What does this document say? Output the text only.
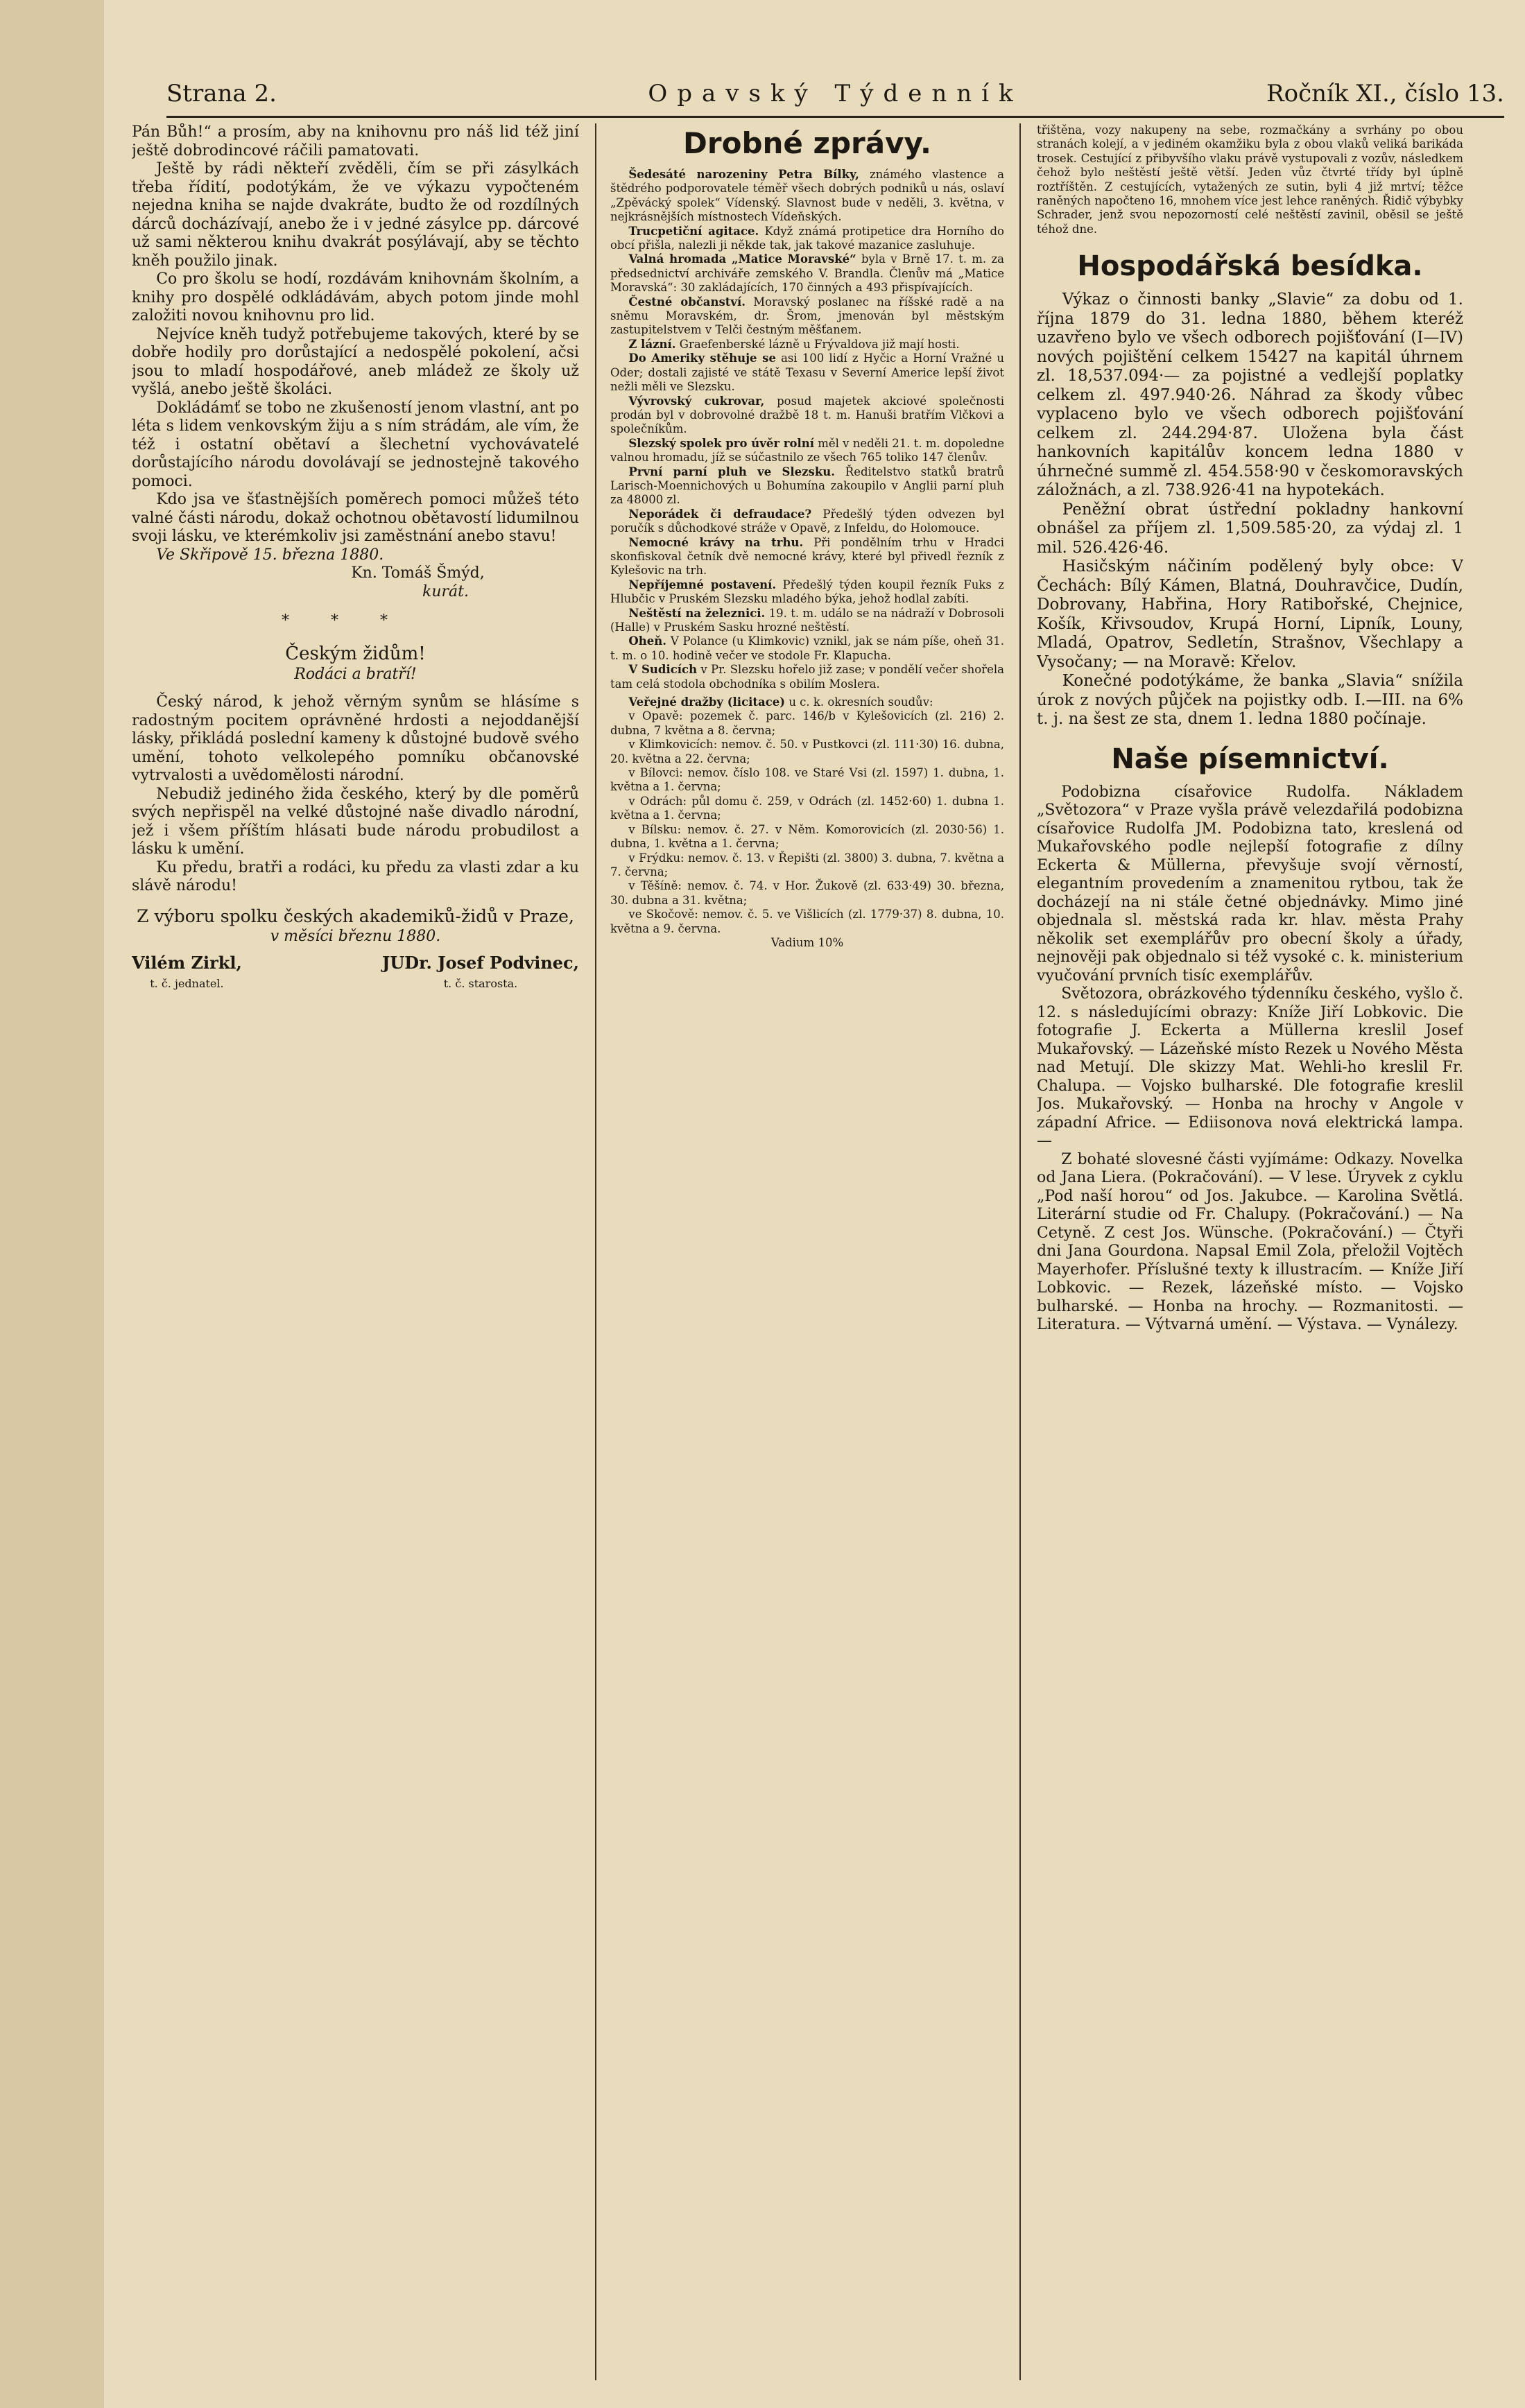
Strana 2.	Opavský Týdenník	Ročník XI., číslo 13.

Pán Bůh!“ a prosím, aby na knihovnu pro náš lid též jiní ještě dobrodincové ráčili pamatovati.

Ještě by rádi někteří zvěděli, čím se při zásylkách třeba řídití, podotýkám, že ve výkazu vypočteném nejedna kniha se najde dvakráte, budto že od rozdílných dárců docházívají, anebo že i v jedné zásylce pp. dárcové už sami některou knihu dvakrát posýlávají, aby se těchto kněh použilo jinak.

Co pro školu se hodí, rozdávám knihovnám školním, a knihy pro dospělé odkládávám, abych potom jinde mohl založiti novou knihovnu pro lid.

Nejvíce kněh tudyž potřebujeme takových, které by se dobře hodily pro dorůstající a nedospělé pokolení, ačsi jsou to mladí hospodářové, aneb mládež ze školy už vyšlá, anebo ještě školáci.

Dokládámť se tobo ne zkušeností jenom vlastní, ant po léta s lidem venkovským žiju a s ním strádám, ale vím, že též i ostatní obětaví a šlechetní vychovávatelé dorůstajícího národu dovolávají se jednostejně takového pomoci.

Kdo jsa ve šťastnějších poměrech pomoci můžeš této valné části národu, dokaž ochotnou obětavostí lidumilnou svoji lásku, ve kterémkoliv jsi zaměstnání anebo stavu!

Ve Skřipově 15. března 1880.

Kn. Tomáš Šmýd,

kurát.

***

Českým židům!

Rodáci a bratří!

Český národ, k jehož věrným synům se hlásíme s radostným pocitem oprávněné hrdosti a nejoddanější lásky, přikládá poslední kameny k důstojné budově svého umění, tohoto velkolepého pomníku občanovské vytrvalosti a uvědomělosti národní.

Nebudiž jediného žida českého, který by dle poměrů svých nepřispěl na velké důstojné naše divadlo národní, jež i všem příštím hlásati bude národu probudilost a lásku k umění.

Ku předu, bratři a rodáci, ku předu za vlasti zdar a ku slávě národu!

Z výboru spolku českých akademiků-židů v Praze,

v měsíci březnu 1880.

Vilém Zirkl,
t. č. jednatel.
JUDr. Josef Podvinec,
t. č. starosta.
Drobné zprávy.

Šedesáté narozeniny Petra Bílky, známého vlastence a štědrého podporovatele téměř všech dobrých podniků u nás, oslaví „Zpěvácký spolek“ Vídenský. Slavnost bude v neděli, 3. května, v nejkrásnějších místnostech Vídeňských.

Trucpetiční agitace. Když známá protipetice dra Horního do obcí přišla, nalezli ji někde tak, jak takové mazanice zasluhuje.

Valná hromada „Matice Moravské“ byla v Brně 17. t. m. za předsednictví archiváře zemského V. Brandla. Členův má „Matice Moravská“: 30 zakládajících, 170 činných a 493 přispívajících.

Čestné občanství. Moravský poslanec na říšské radě a na sněmu Moravském, dr. Šrom, jmenován byl městským zastupitelstvem v Telči čestným měšťanem.

Z lázní. Graefenberské lázně u Frývaldova již mají hosti.

Do Ameriky stěhuje se asi 100 lidí z Hyčic a Horní Vražné u Oder; dostali zajisté ve státě Texasu v Severní Americe lepší život nežli měli ve Slezsku.

Vývrovský cukrovar, posud majetek akciové společnosti prodán byl v dobrovolné dražbě 18 t. m. Hanuši bratřím Vlčkovi a společníkům.

Slezský spolek pro úvěr rolní měl v neděli 21. t. m. dopoledne valnou hromadu, jíž se súčastnilo ze všech 765 toliko 147 členův.

První parní pluh ve Slezsku. Ředitelstvo statků bratrů Larisch-Moennichových u Bohumína zakoupilo v Anglii parní pluh za 48000 zl.

Neporádek či defraudace? Předešlý týden odvezen byl poručík s důchodkové stráže v Opavě, z Infeldu, do Holomouce.

Nemocné krávy na trhu. Při pondělním trhu v Hradci skonfiskoval četník dvě nemocné krávy, které byl přivedl řezník z Kylešovic na trh.

Nepříjemné postavení. Předešlý týden koupil řezník Fuks z Hlubčic v Pruském Slezsku mladého býka, jehož hodlal zabíti.

Neštěstí na železnici. 19. t. m. událo se na nádraží v Dobrosoli (Halle) v Pruském Sasku hrozné neštěstí.

Oheň. V Polance (u Klimkovic) vznikl, jak se nám píše, oheň 31. t. m. o 10. hodině večer ve stodole Fr. Klapucha.

V Sudicích v Pr. Slezsku hořelo již zase; v pondělí večer shořela tam celá stodola obchodníka s obilím Moslera.

Veřejné dražby (licitace) u c. k. okresních soudův:

v Opavě: pozemek č. parc. 146/b v Kylešovicích (zl. 216) 2. dubna, 7 května a 8. června;

v Klimkovicích: nemov. č. 50. v Pustkovci (zl. 111·30) 16. dubna, 20. května a 22. června;

v Bílovci: nemov. číslo 108. ve Staré Vsi (zl. 1597) 1. dubna, 1. května a 1. června;

v Odrách: půl domu č. 259, v Odrách (zl. 1452·60) 1. dubna 1. května a 1. června;

v Bílsku: nemov. č. 27. v Něm. Komorovicích (zl. 2030·56) 1. dubna, 1. května a 1. června;

v Frýdku: nemov. č. 13. v Řepišti (zl. 3800) 3. dubna, 7. května a 7. června;

v Těšíně: nemov. č. 74. v Hor. Žukově (zl. 633·49) 30. března, 30. dubna a 31. května;

ve Skočově: nemov. č. 5. ve Višlicích (zl. 1779·37) 8. dubna, 10. května a 9. června.

Vadium 10%

třištěna, vozy nakupeny na sebe, rozmačkány a svrhány po obou stranách kolejí, a v jediném okamžiku byla z obou vlaků veliká barikáda trosek. Cestující z přibyvšího vlaku právě vystupovali z vozův, následkem čehož bylo neštěstí ještě větší. Jeden vůz čtvrté třídy byl úplně roztříštěn. Z cestujících, vytažených ze sutin, byli 4 již mrtví; těžce raněných napočteno 16, mnohem více jest lehce raněných. Řidič výbybky Schrader, jenž svou nepozorností celé neštěstí zavinil, oběsil se ještě téhož dne.

Hospodářská besídka.

Výkaz o činnosti banky „Slavie“ za dobu od 1. října 1879 do 31. ledna 1880, během kteréž uzavřeno bylo ve všech odborech pojišťování (I—IV) nových pojištění celkem 15427 na kapitál úhrnem zl. 18,537.094·— za pojistné a vedlejší poplatky celkem zl. 497.940·26. Náhrad za škody vůbec vyplaceno bylo ve všech odborech pojišťování celkem zl. 244.294·87. Uložena byla část hankovních kapitálův koncem ledna 1880 v úhrnečné summě zl. 454.558·90 v českomoravských záložnách, a zl. 738.926·41 na hypotekách.

Peněžní obrat ústřední pokladny hankovní obnášel za příjem zl. 1,509.585·20, za výdaj zl. 1 mil. 526.426·46.

Hasičským náčiním podělený byly obce: V Čechách: Bílý Kámen, Blatná, Douhravčice, Dudín, Dobrovany, Habřina, Hory Ratibořské, Chejnice, Košík, Křivsoudov, Krupá Horní, Lipník, Louny, Mladá, Opatrov, Sedletín, Strašnov, Všechlapy a Vysočany; — na Moravě: Křelov.

Konečné podotýkáme, že banka „Slavia“ snížila úrok z nových půjček na pojistky odb. I.—III. na 6% t. j. na šest ze sta, dnem 1. ledna 1880 počínaje.

Naše písemnictví.

Podobizna císařovice Rudolfa. Nákladem „Světozora“ v Praze vyšla právě velezdařilá podobizna císařovice Rudolfa JM. Podobizna tato, kreslená od Mukařovského podle nejlepší fotografie z dílny Eckerta & Müllerna, převyšuje svojí věrností, elegantním provedením a znamenitou rytbou, tak že docházejí na ni stále četné objednávky. Mimo jiné objednala sl. městská rada kr. hlav. města Prahy několik set exemplářův pro obecní školy a úřady, nejnověji pak objednalo si též vysoké c. k. ministerium vyučování prvních tisíc exemplářův.

Světozora, obrázkového týdenníku českého, vyšlo č. 12. s následujícími obrazy: Kníže Jiří Lobkovic. Die fotografie J. Eckerta a Müllerna kreslil Josef Mukařovský. — Lázeňské místo Rezek u Nového Města nad Metují. Dle skizzy Mat. Wehli-ho kreslil Fr. Chalupa. — Vojsko bulharské. Dle fotografie kreslil Jos. Mukařovský. — Honba na hrochy v Angole v západní Africe. — Ediisonova nová elektrická lampa. —

Z bohaté slovesné části vyjímáme: Odkazy. Novelka od Jana Liera. (Pokračování). — V lese. Úryvek z cyklu „Pod naší horou“ od Jos. Jakubce. — Karolina Světlá. Literární studie od Fr. Chalupy. (Pokračování.) — Na Cetyně. Z cest Jos. Wünsche. (Pokračování.) — Čtyři dni Jana Gourdona. Napsal Emil Zola, přeložil Vojtěch Mayerhofer. Příslušné texty k illustracím. — Kníže Jiří Lobkovic. — Rezek, lázeňské místo. — Vojsko bulharské. — Honba na hrochy. — Rozmanitosti. — Literatura. — Výtvarná umění. — Výstava. — Vynálezy.
